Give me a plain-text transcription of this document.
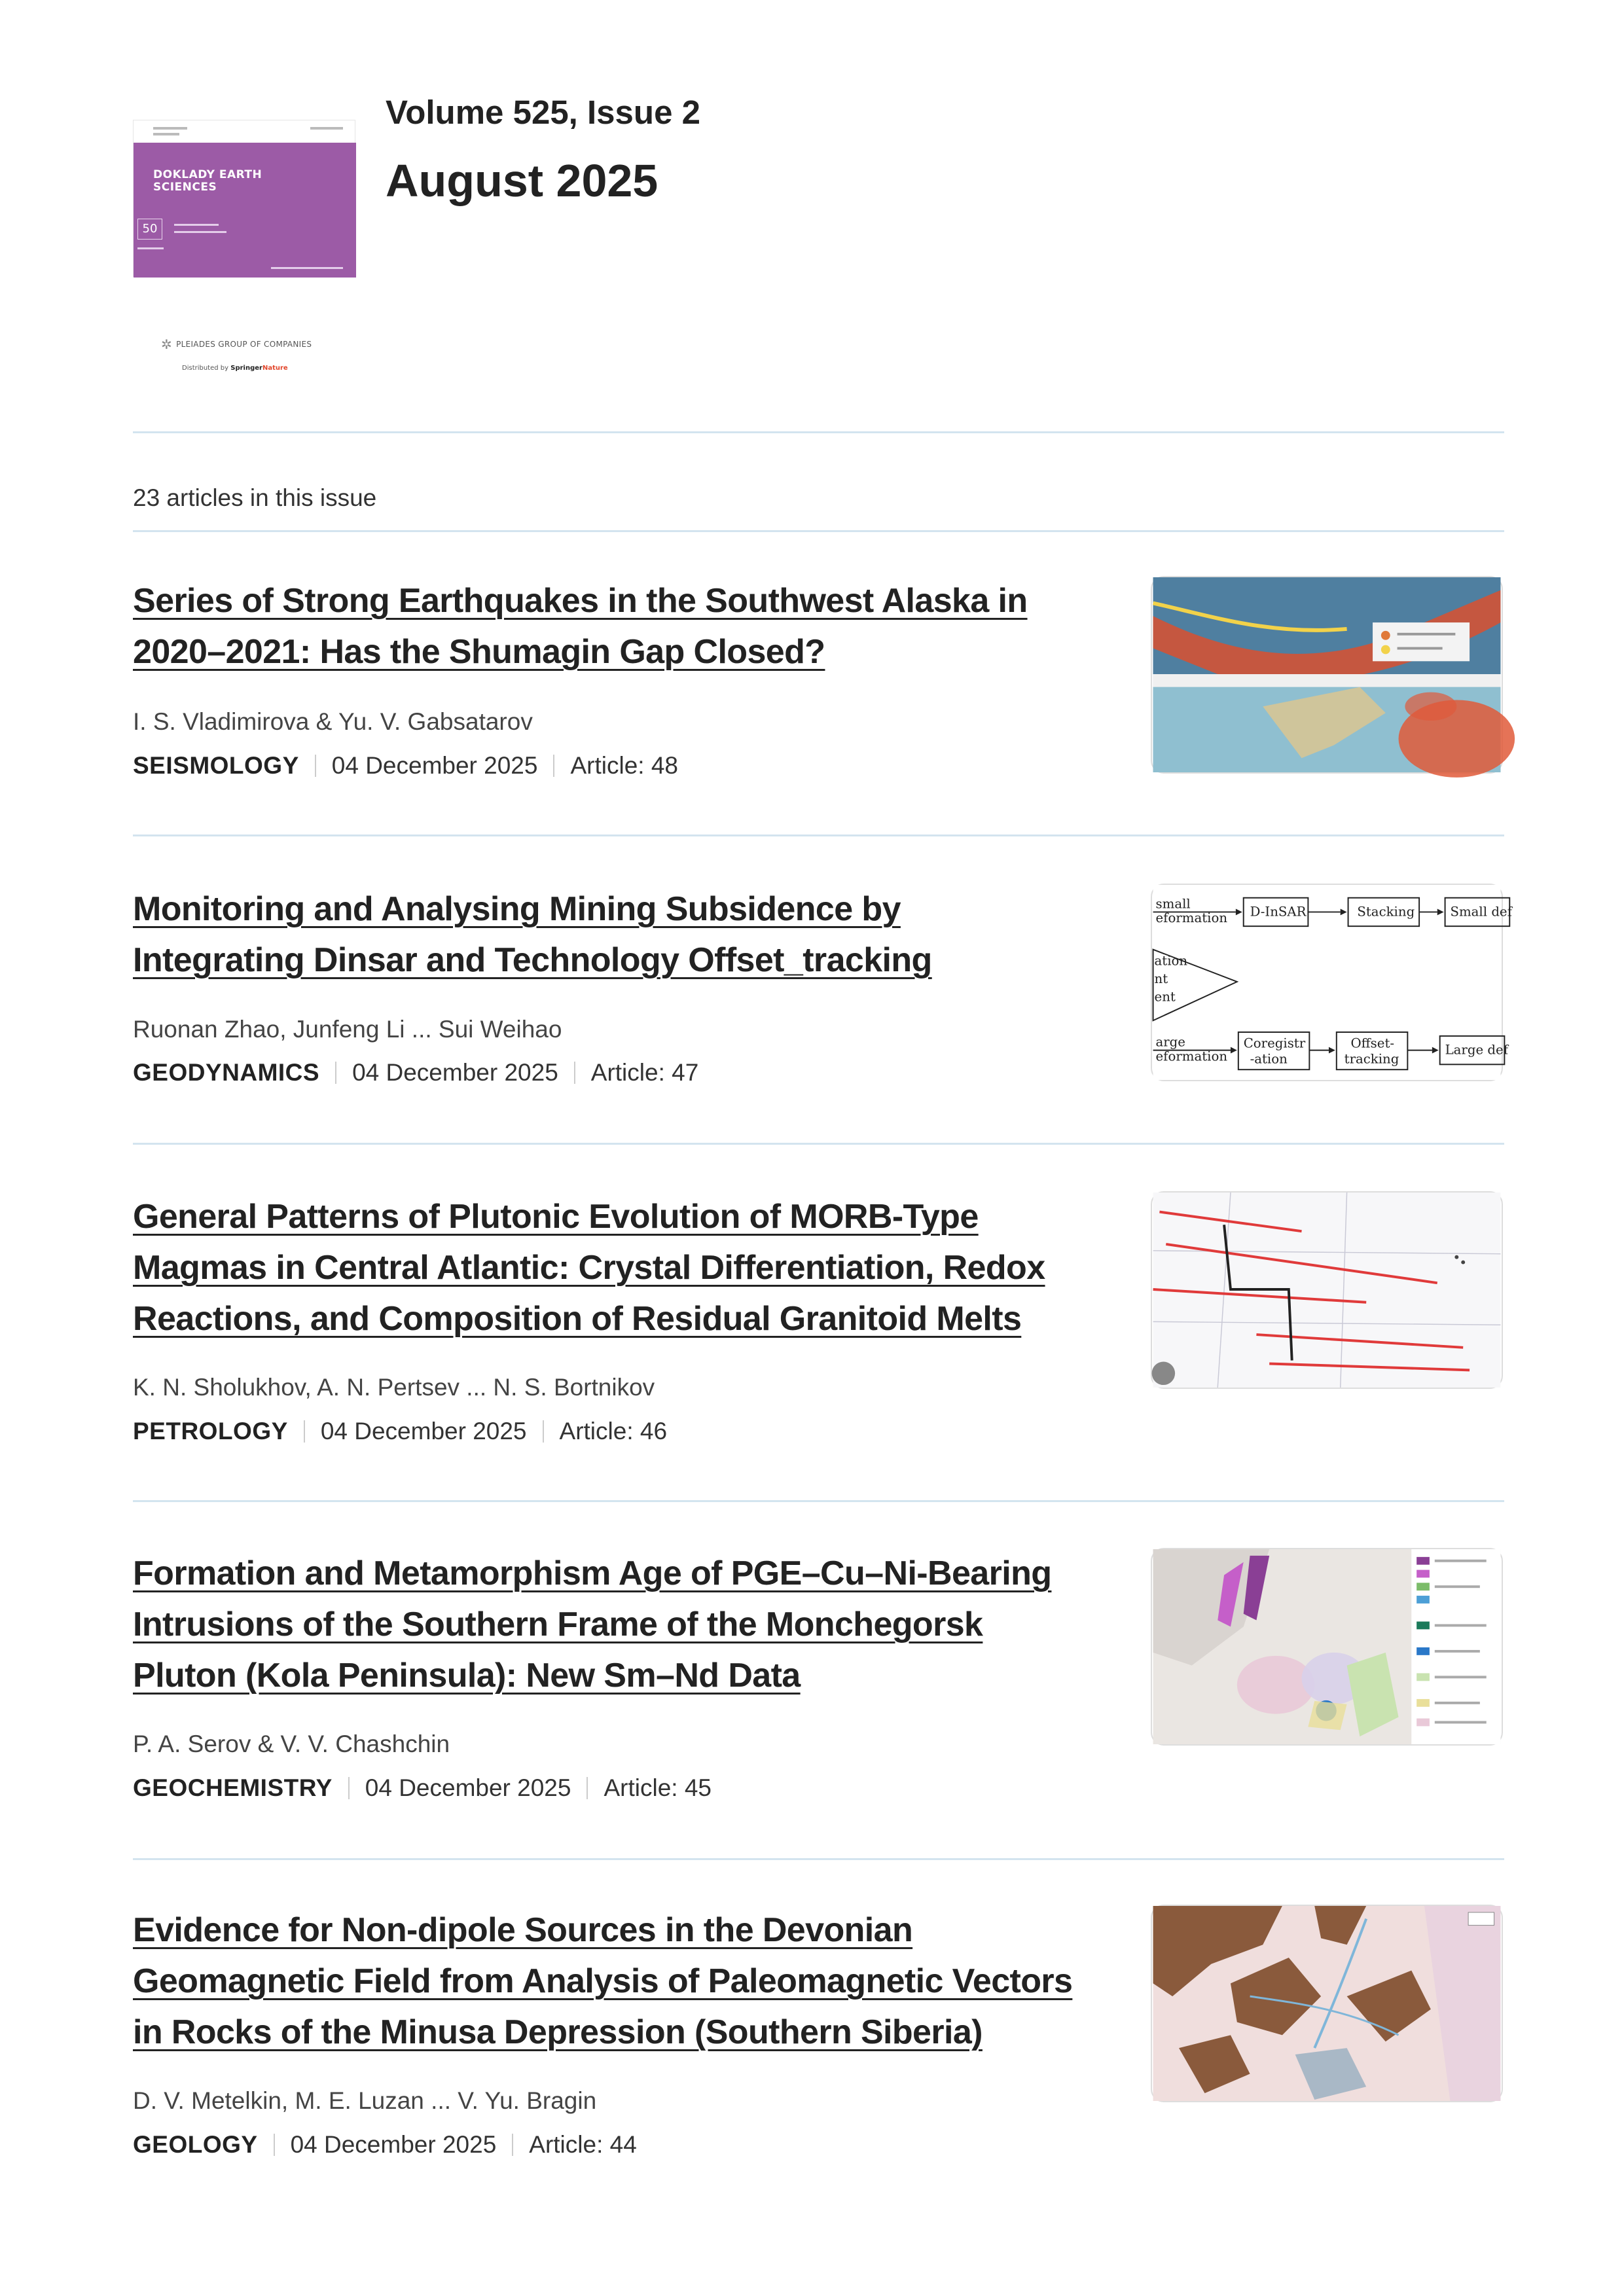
DOKLADY EARTH
SCIENCES
50
✲ PLEIADES GROUP OF COMPANIES
Distributed by SpringerNature
Volume 525, Issue 2
August 2025
23 articles in this issue
Series of Strong Earthquakes in the Southwest Alaska in
2020–2021: Has the Shumagin Gap Closed?
I. S. Vladimirova & Yu. V. Gabsatarov
SEISMOLOGY 04 December 2025 Article: 48
Monitoring and Analysing Mining Subsidence by
Integrating Dinsar and Technology Offset_tracking
Ruonan Zhao, Junfeng Li ... Sui Weihao
GEODYNAMICS 04 December 2025 Article: 47
small
eformation D-InSAR	Stacking	Small def
ation
nt
ent
arge
eformation
Coregistr
-ation
Offset-
tracking
Large def
General Patterns of Plutonic Evolution of MORB-Type
Magmas in Central Atlantic: Crystal Differentiation, Redox
Reactions, and Composition of Residual Granitoid Melts
K. N. Sholukhov, A. N. Pertsev ... N. S. Bortnikov
PETROLOGY 04 December 2025 Article: 46
Formation and Metamorphism Age of PGE–Cu–Ni-Bearing
Intrusions of the Southern Frame of the Monchegorsk
Pluton (Kola Peninsula): New Sm–Nd Data
P. A. Serov & V. V. Chashchin
GEOCHEMISTRY 04 December 2025 Article: 45
Evidence for Non-dipole Sources in the Devonian
Geomagnetic Field from Analysis of Paleomagnetic Vectors
in Rocks of the Minusa Depression (Southern Siberia)
D. V. Metelkin, M. E. Luzan ... V. Yu. Bragin
GEOLOGY 04 December 2025 Article: 44
